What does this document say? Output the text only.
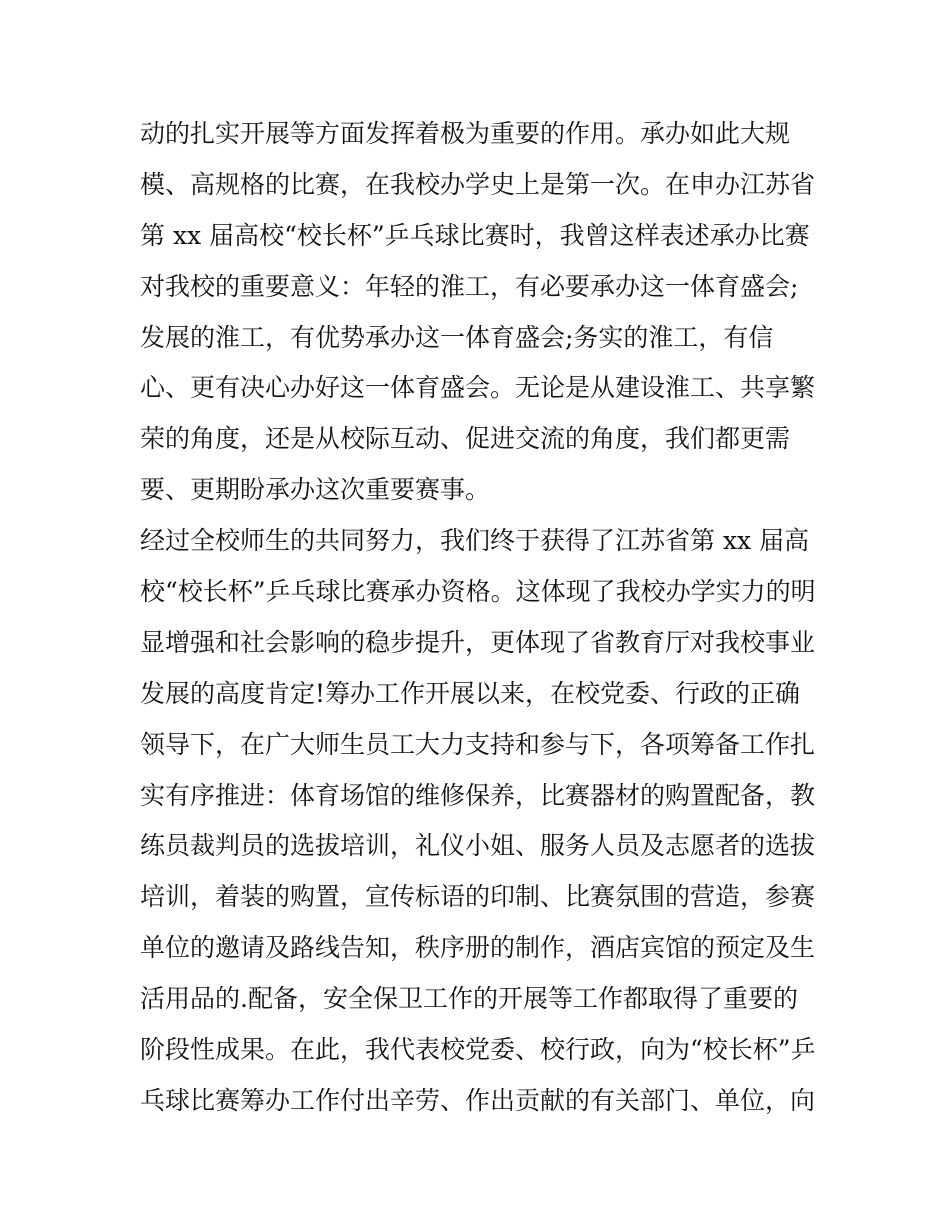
动的扎实开展等方面发挥着极为重要的作用。承办如此大规
模、高规格的比赛，在我校办学史上是第一次。在申办江苏省
第 xx 届高校“校长杯”乒乓球比赛时，我曾这样表述承办比赛
对我校的重要意义：年轻的淮工，有必要承办这一体育盛会;
发展的淮工，有优势承办这一体育盛会;务实的淮工，有信
心、更有决心办好这一体育盛会。无论是从建设淮工、共享繁
荣的角度，还是从校际互动、促进交流的角度，我们都更需
要、更期盼承办这次重要赛事。
经过全校师生的共同努力，我们终于获得了江苏省第 xx 届高
校“校长杯”乒乓球比赛承办资格。这体现了我校办学实力的明
显增强和社会影响的稳步提升，更体现了省教育厅对我校事业
发展的高度肯定!筹办工作开展以来，在校党委、行政的正确
领导下，在广大师生员工大力支持和参与下，各项筹备工作扎
实有序推进：体育场馆的维修保养，比赛器材的购置配备，教
练员裁判员的选拔培训，礼仪小姐、服务人员及志愿者的选拔
培训，着装的购置，宣传标语的印制、比赛氛围的营造，参赛
单位的邀请及路线告知，秩序册的制作，酒店宾馆的预定及生
活用品的.配备，安全保卫工作的开展等工作都取得了重要的
阶段性成果。在此，我代表校党委、校行政，向为“校长杯”乒
乓球比赛筹办工作付出辛劳、作出贡献的有关部门、单位，向
